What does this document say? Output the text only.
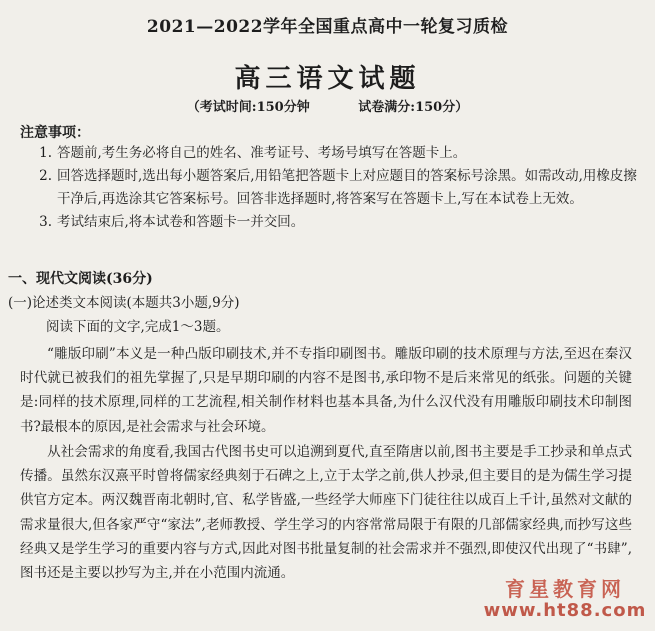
2021—2022学年全国重点高中一轮复习质检
高三语文试题
（考试时间:150分钟	试卷满分:150分）
注意事项：
1. 答题前,考生务必将自己的姓名、准考证号、考场号填写在答题卡上。
2. 回答选择题时,选出每小题答案后,用铅笔把答题卡上对应题目的答案标号涂黑。如需改动,用橡皮擦干净后,再选涂其它答案标号。回答非选择题时,将答案写在答题卡上,写在本试卷上无效。
3. 考试结束后,将本试卷和答题卡一并交回。
一、现代文阅读(36分)
(一)论述类文本阅读(本题共3小题,9分)
阅读下面的文字,完成1～3题。
“雕版印刷”本义是一种凸版印刷技术,并不专指印刷图书。雕版印刷的技术原理与方法,至迟在秦汉时代就已被我们的祖先掌握了,只是早期印刷的内容不是图书,承印物不是后来常见的纸张。问题的关键是:同样的技术原理,同样的工艺流程,相关制作材料也基本具备,为什么汉代没有用雕版印刷技术印制图书?最根本的原因,是社会需求与社会环境。
从社会需求的角度看,我国古代图书史可以追溯到夏代,直至隋唐以前,图书主要是手工抄录和单点式传播。虽然东汉熹平时曾将儒家经典刻于石碑之上,立于太学之前,供人抄录,但主要目的是为儒生学习提供官方定本。两汉魏晋南北朝时,官、私学皆盛,一些经学大师座下门徒往往以成百上千计,虽然对文献的需求量很大,但各家严守“家法”,老师教授、学生学习的内容常常局限于有限的几部儒家经典,而抄写这些经典又是学生学习的重要内容与方式,因此对图书批量复制的社会需求并不强烈,即使汉代出现了“书肆”,图书还是主要以抄写为主,并在小范围内流通。
育星教育网
www.ht88.com
